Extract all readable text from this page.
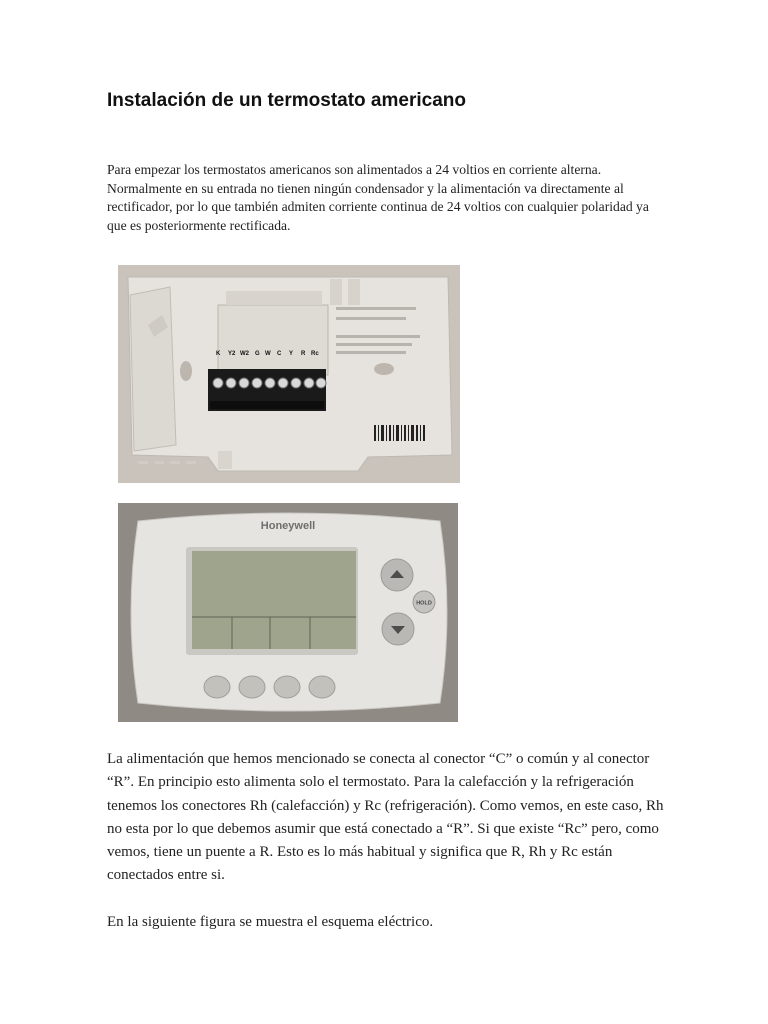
Instalación de un termostato americano

Para empezar los termostatos americanos son alimentados a 24 voltios en corriente alterna. Normalmente en su entrada no tienen ningún condensador y la alimentación va directamente al rectificador, por lo que también admiten corriente continua de 24 voltios con cualquier polaridad ya que es posteriormente rectificada.

K Y2 W2 G W C Y R Rc
Honeywell
HOLD

La alimentación que hemos mencionado se conecta al conector “C” o común y al conector “R”. En principio esto alimenta solo el termostato. Para la calefacción y la refrigeración tenemos los conectores Rh (calefacción) y Rc (refrigeración). Como vemos, en este caso, Rh no esta por lo que debemos asumir que está conectado a “R”. Si que existe “Rc” pero, como vemos, tiene un puente a R. Esto es lo más habitual y significa que R, Rh y Rc están conectados entre si.

En la siguiente figura se muestra el esquema eléctrico.
